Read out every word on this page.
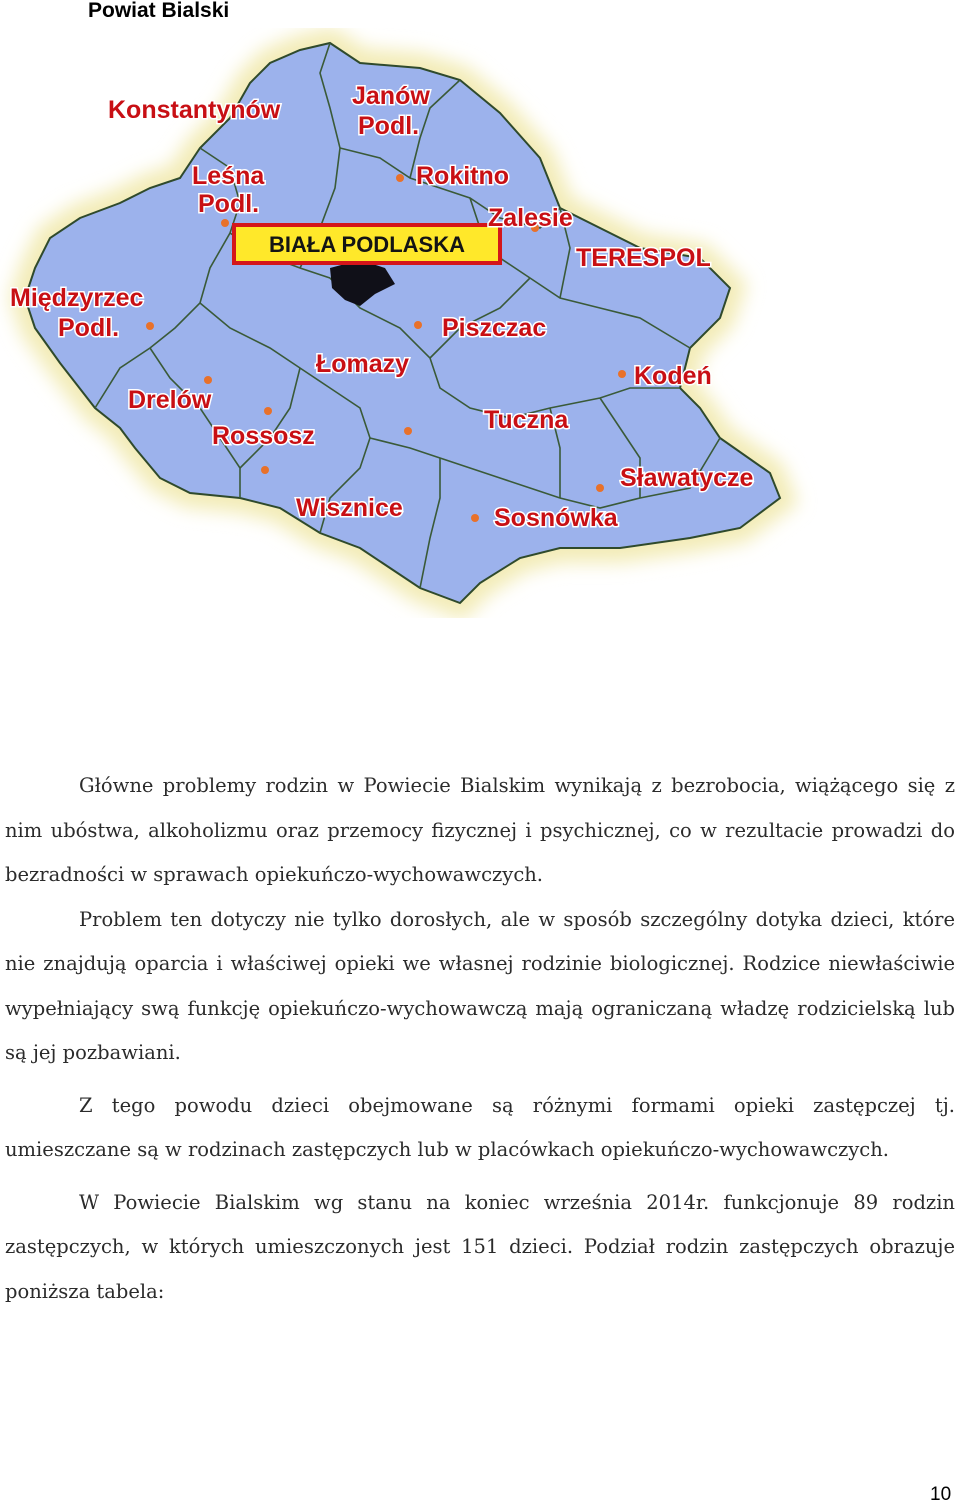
Powiat Bialski
BIAŁA PODLASKA
Konstantynów	Janów
Podl.
Leśna
Podl.
Rokitno
Zalesie
TERESPOL
Międzyrzec
Podl.	Piszczac
Łomazy	Kodeń
Drelów
Tuczna
Rossosz
Sławatycze
Wisznice	Sosnówka

Główne problemy rodzin w Powiecie Bialskim wynikają z bezrobocia, wiążącego się z nim ubóstwa, alkoholizmu oraz przemocy fizycznej i psychicznej, co w rezultacie prowadzi do bezradności w sprawach opiekuńczo-wychowawczych.

Problem ten dotyczy nie tylko dorosłych, ale w sposób szczególny dotyka dzieci, które nie znajdują oparcia i właściwej opieki we własnej rodzinie biologicznej. Rodzice niewłaściwie wypełniający swą funkcję opiekuńczo-wychowawczą mają ograniczaną władzę rodzicielską lub są jej pozbawiani.

Z tego powodu dzieci obejmowane są różnymi formami opieki zastępczej tj. umieszczane są w rodzinach zastępczych lub w placówkach opiekuńczo-wychowawczych.

W Powiecie Bialskim wg stanu na koniec września 2014r. funkcjonuje 89 rodzin zastępczych, w których umieszczonych jest 151 dzieci. Podział rodzin zastępczych obrazuje poniższa tabela:

10
